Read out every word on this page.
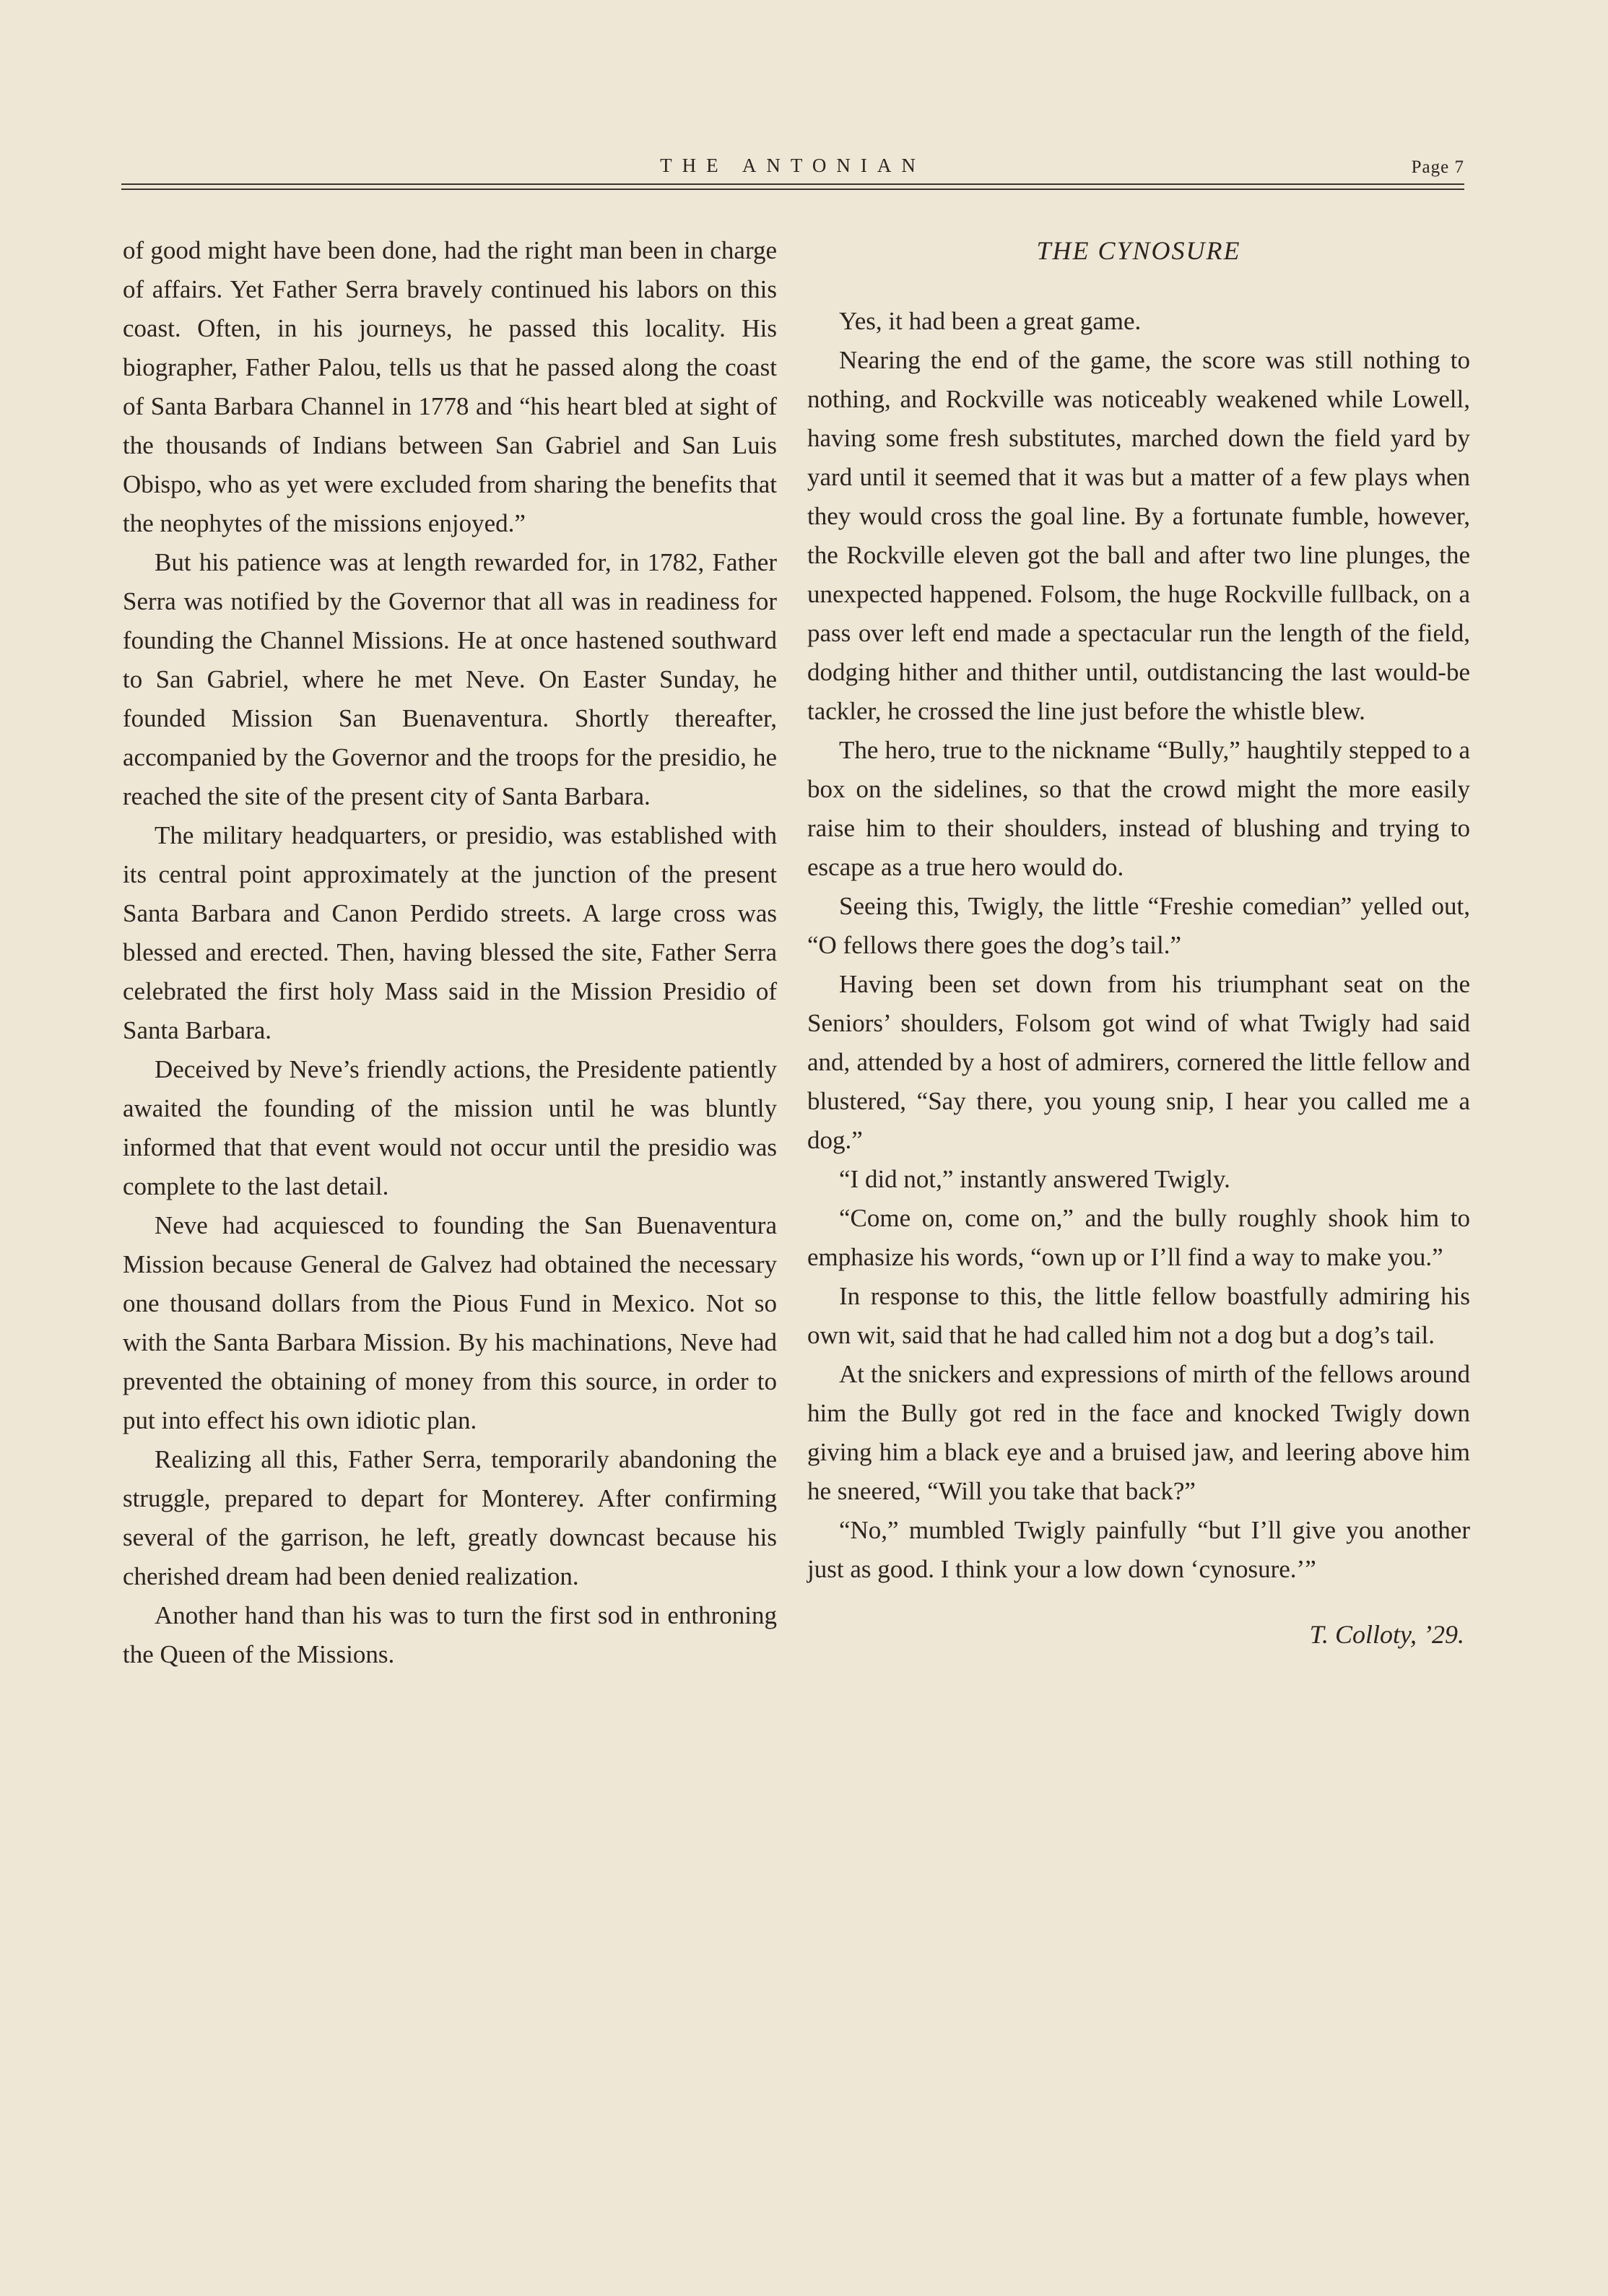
THE ANTONIAN	Page 7

of good might have been done, had the right man been in charge of affairs. Yet Father Serra bravely continued his labors on this coast. Often, in his journeys, he passed this locality. His biographer, Father Palou, tells us that he passed along the coast of Santa Barbara Channel in 1778 and “his heart bled at sight of the thousands of Indians between San Gabriel and San Luis Obispo, who as yet were excluded from sharing the benefits that the neophytes of the missions enjoyed.”

But his patience was at length rewarded for, in 1782, Father Serra was notified by the Governor that all was in readiness for founding the Channel Missions. He at once hastened southward to San Gabriel, where he met Neve. On Easter Sunday, he founded Mission San Buenaventura. Shortly thereafter, accompanied by the Governor and the troops for the presidio, he reached the site of the present city of Santa Barbara.

The military headquarters, or presidio, was established with its central point approximately at the junction of the present Santa Barbara and Canon Perdido streets. A large cross was blessed and erected. Then, having blessed the site, Father Serra celebrated the first holy Mass said in the Mission Presidio of Santa Barbara.

Deceived by Neve’s friendly actions, the Presidente patiently awaited the founding of the mission until he was bluntly informed that that event would not occur until the presidio was complete to the last detail.

Neve had acquiesced to founding the San Buenaventura Mission because General de Galvez had obtained the necessary one thousand dollars from the Pious Fund in Mexico. Not so with the Santa Barbara Mission. By his machinations, Neve had prevented the obtaining of money from this source, in order to put into effect his own idiotic plan.

Realizing all this, Father Serra, temporarily abandoning the struggle, prepared to depart for Monterey. After confirming several of the garrison, he left, greatly downcast because his cherished dream had been denied realization.

Another hand than his was to turn the first sod in enthroning the Queen of the Missions.

THE CYNOSURE

Yes, it had been a great game.

Nearing the end of the game, the score was still nothing to nothing, and Rockville was noticeably weakened while Lowell, having some fresh substitutes, marched down the field yard by yard until it seemed that it was but a matter of a few plays when they would cross the goal line. By a fortunate fumble, however, the Rockville eleven got the ball and after two line plunges, the unexpected happened. Folsom, the huge Rockville fullback, on a pass over left end made a spectacular run the length of the field, dodging hither and thither until, outdistancing the last would-be tackler, he crossed the line just before the whistle blew.

The hero, true to the nickname “Bully,” haughtily stepped to a box on the sidelines, so that the crowd might the more easily raise him to their shoulders, instead of blushing and trying to escape as a true hero would do.

Seeing this, Twigly, the little “Freshie comedian” yelled out, “O fellows there goes the dog’s tail.”

Having been set down from his triumphant seat on the Seniors’ shoulders, Folsom got wind of what Twigly had said and, attended by a host of admirers, cornered the little fellow and blustered, “Say there, you young snip, I hear you called me a dog.”

“I did not,” instantly answered Twigly.

“Come on, come on,” and the bully roughly shook him to emphasize his words, “own up or I’ll find a way to make you.”

In response to this, the little fellow boastfully admiring his own wit, said that he had called him not a dog but a dog’s tail.

At the snickers and expressions of mirth of the fellows around him the Bully got red in the face and knocked Twigly down giving him a black eye and a bruised jaw, and leering above him he sneered, “Will you take that back?”

“No,” mumbled Twigly painfully “but I’ll give you another just as good. I think your a low down ‘cynosure.’”

T. Colloty, ’29.
